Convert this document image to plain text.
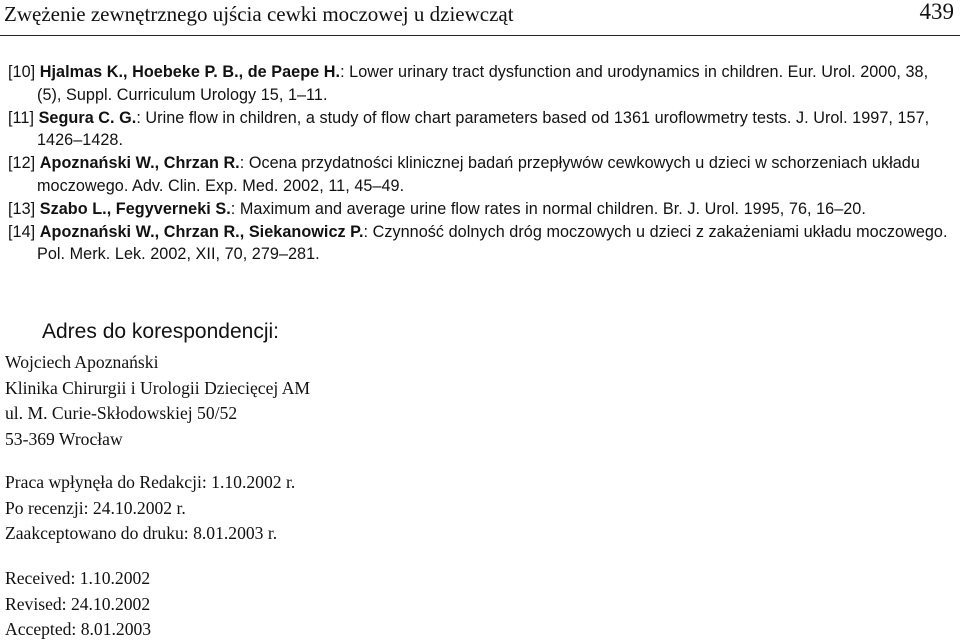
Zwężenie zewnętrznego ujścia cewki moczowej u dziewcząt	439
[10] Hjalmas K., Hoebeke P. B., de Paepe H.: Lower urinary tract dysfunction and urodynamics in children. Eur. Urol. 2000, 38, (5), Suppl. Curriculum Urology 15, 1–11.
[11] Segura C. G.: Urine flow in children, a study of flow chart parameters based od 1361 uroflowmetry tests. J. Urol. 1997, 157, 1426–1428.
[12] Apoznański W., Chrzan R.: Ocena przydatności klinicznej badań przepływów cewkowych u dzieci w schorzeniach układu moczowego. Adv. Clin. Exp. Med. 2002, 11, 45–49.
[13] Szabo L., Fegyverneki S.: Maximum and average urine flow rates in normal children. Br. J. Urol. 1995, 76, 16–20.
[14] Apoznański W., Chrzan R., Siekanowicz P.: Czynność dolnych dróg moczowych u dzieci z zakażeniami układu moczowego. Pol. Merk. Lek. 2002, XII, 70, 279–281.
Adres do korespondencji:
Wojciech Apoznański
Klinika Chirurgii i Urologii Dziecięcej AM
ul. M. Curie-Skłodowskiej 50/52
53-369 Wrocław
Praca wpłynęła do Redakcji: 1.10.2002 r.
Po recenzji: 24.10.2002 r.
Zaakceptowano do druku: 8.01.2003 r.
Received: 1.10.2002
Revised: 24.10.2002
Accepted: 8.01.2003
